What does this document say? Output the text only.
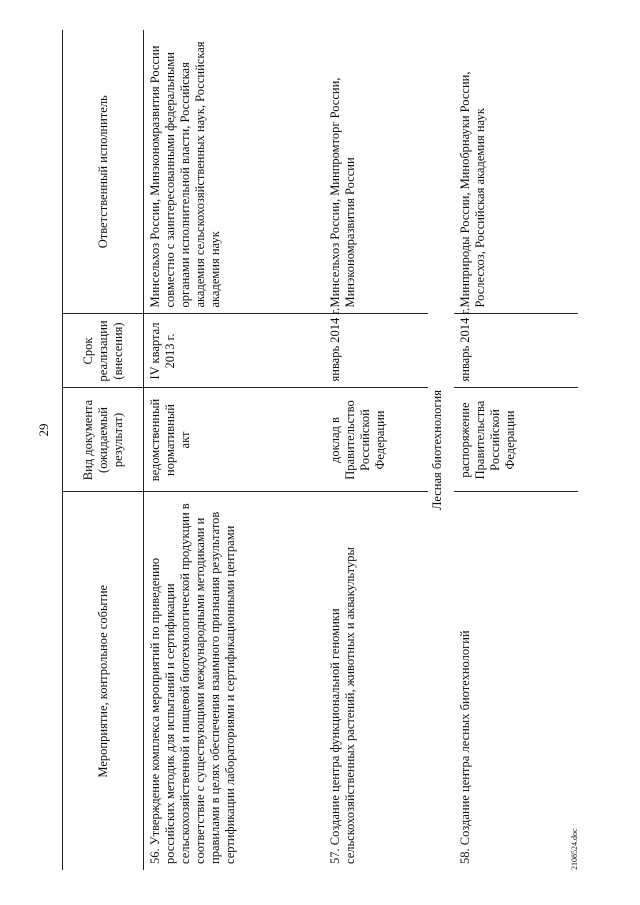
29
Мероприятие, контрольное событие	Вид документа (ожидаемый результат)	Срок реализации (внесения)	Ответственный исполнитель
56. Утверждение комплекса мероприятий по приведению российских методик для испытаний и сертификации сельскохозяйственной и пищевой биотехнологической продукции в соответствие с существующими международными методиками и правилами в целях обеспечения взаимного признания результатов сертификации лабораториями и сертификационными центрами	ведомственный нормативный акт	IV квартал 2013 г.	Минсельхоз России, Минэкономразвития России совместно с заинтересованными федеральными органами исполнительной власти, Российская академия сельскохозяйственных наук, Российская академия наук
57. Создание центра функциональной геномики сельскохозяйственных растений, животных и аквакультуры	доклад в Правительство Российской Федерации	январь 2014 г.	Минсельхоз России, Минпромторг России, Минэкономразвития России
Лесная биотехнология			
58. Создание центра лесных биотехнологий	распоряжение Правительства Российской Федерации	январь 2014 г.	Минприроды России, Минобрнауки России, Рослесхоз, Российская академия наук
2108524.doc
